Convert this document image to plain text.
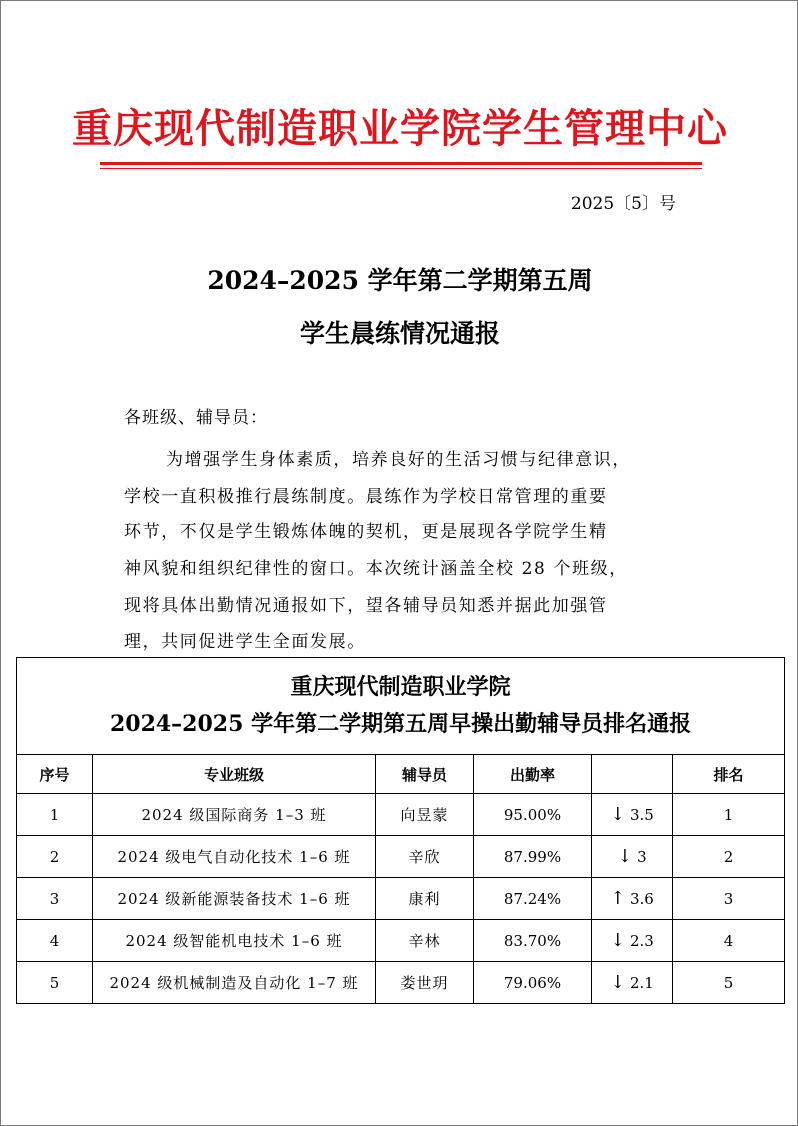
重庆现代制造职业学院学生管理中心
2025〔5〕号
2024–2025 学年第二学期第五周
学生晨练情况通报
各班级、辅导员：
为增强学生身体素质，培养良好的生活习惯与纪律意识，
学校一直积极推行晨练制度。晨练作为学校日常管理的重要
环节，不仅是学生锻炼体魄的契机，更是展现各学院学生精
神风貌和组织纪律性的窗口。本次统计涵盖全校 28 个班级，
现将具体出勤情况通报如下，望各辅导员知悉并据此加强管
理，共同促进学生全面发展。
重庆现代制造职业学院
2024–2025 学年第二学期第五周早操出勤辅导员排名通报					

序号	专业班级	辅导员	出勤率		排名
1	2024 级国际商务 1–3 班	向昱蒙	95.00%	↓ 3.5	1
2	2024 级电气自动化技术 1–6 班	辛欣	87.99%	↓ 3	2
3	2024 级新能源装备技术 1–6 班	康利	87.24%	↑ 3.6	3
4	2024 级智能机电技术 1–6 班	辛林	83.70%	↓ 2.3	4
5	2024 级机械制造及自动化 1–7 班	娄世玥	79.06%	↓ 2.1	5
